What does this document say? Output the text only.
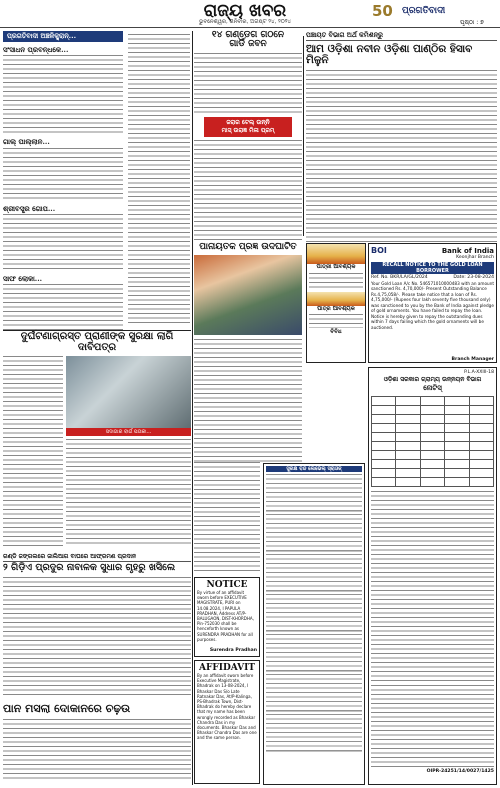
ରାଜ୍ୟ ଖବର
ଭୁବନେଶ୍ୱର, ଶନିବାର, ଅଗଷ୍ଟ ୨୪, ୨୦୨୪
50 ପ୍ରଗତିବାଦୀ
ପୃଷ୍ଠା : ୭
ପ୍ରଗତିବାଦୀ ଅଞ୍ଚଳିକ୍ସ୍ରାନ୍...
ସଂସାଧନ ପ୍ରବନ୍ଧକେ...
ଗାଲ୍ ପାଲ୍ଲାନ...
ଶ୍ରୀବସ୍ତ୍ର ଗୋପ...
ସାଫ ଲୋକା...
୧୪ ଗଣ୍ଡେଗ ଗଠନେ
ଗାର୍ଡି ଜବନ
ଜରାର ଟେଲ୍ ଉନ୍ନି
ମାସ୍ ଉରାଜ୍ଞ ମିଳା ପ୍ରମ୍
ପଞ୍ଚାୟତ ବିଭାଗ ଅର୍ଥ କମିଶନ୍ରୁ
ଆମ ଓଡ଼ିଶା ନବୀନ ଓଡ଼ିଶା ପାଣ୍ଠିର ହିସାବ ମିଳୁନି
ପାନାୟତକ ପ୍ରଜ୍ଞ ଉଦଘାଟିତ
ପାତ୍ରୀ ଆବଶ୍ୟକ
ପାତ୍ର ଆବଶ୍ୟକ
ବିବିଧ
BOI	Bank of India
Keonjhar Branch
RECALL NOTICE TO THE GOLD LOAN BORROWER
Ref. No. BKR/LA/GL/2024	Date: 23-08-2024
Your Gold Loan A/c No. 546571010000483 with an amount sanctioned Rs. 4,70,000/- Present Outstanding Balance Rs.4,75,058/-. Please take notice that a loan of Rs. 4,75,000/- (Rupees four lakh seventy five thousand only) was sanctioned to you by the Bank of India against pledge of gold ornaments. You have failed to repay the loan. Notice is hereby given to repay the outstanding dues within 7 days failing which the gold ornaments will be auctioned.
Branch Manager
P.L.A-XXIII-18
ଓଡ଼ିଶା ସରକାର ଗ୍ରାମ୍ୟ ଉନ୍ନୟନ ବିଭାଗ
ନୋଟିସ୍

OIPR-24251/14/0027/1425
ଦୁର୍ଘଟଣାଗ୍ରସ୍ତ ପ୍ରାଣୀଙ୍କ ସୁରକ୍ଷା ଲାଗି ଦାବିପତ୍ର
ସଦାଗାର ବାର୍ଗ ପତାକା...
ଗଣ୍ଡି ଜଙ୍ଗଲରେ ଜାଲିଆଗ ବାଘରେ ଆଫ୍ରମଣ ପ୍ରଦାନ
୨ ଗିଡ଼ିଏ ପ୍ରଦୁର ନାବାଳକ ସୁଧାର ଗୃହରୁ ଖସିଲେ
ପାନ ମସଲା ଦୋକାନରେ ଚଢ଼ଉ
NOTICE
By virtue of an affidavit sworn before EXECUTIVE MAGISTRATE, PURI on 14.08.2024, I PAPULA PRADHAN, Address AT/P-BALUGAON, DIST-KHORDHA, Pin-752030 shall be henceforth known as SURENDRA PRADHAN for all purposes.
Surendra Pradhan
AFFIDAVIT
By an affidavit sworn before Executive Magistrate, Bhadrak on 13-08-2024, I Bhaskar Das S/o Late Ratnakar Das, At/P-Kalinga, PS-Bhadrak Town, Dist-Bhadrak do hereby declare that my name has been wrongly recorded as Bhaskar Chandra Das in my documents. Bhaskar Das and Bhaskar Chandra Das are one and the same person.
ସୁରକ୍ଷ ବନ୍ଦ ଲେଭେଲ୍ ସ୍ରାଓଜ୍
